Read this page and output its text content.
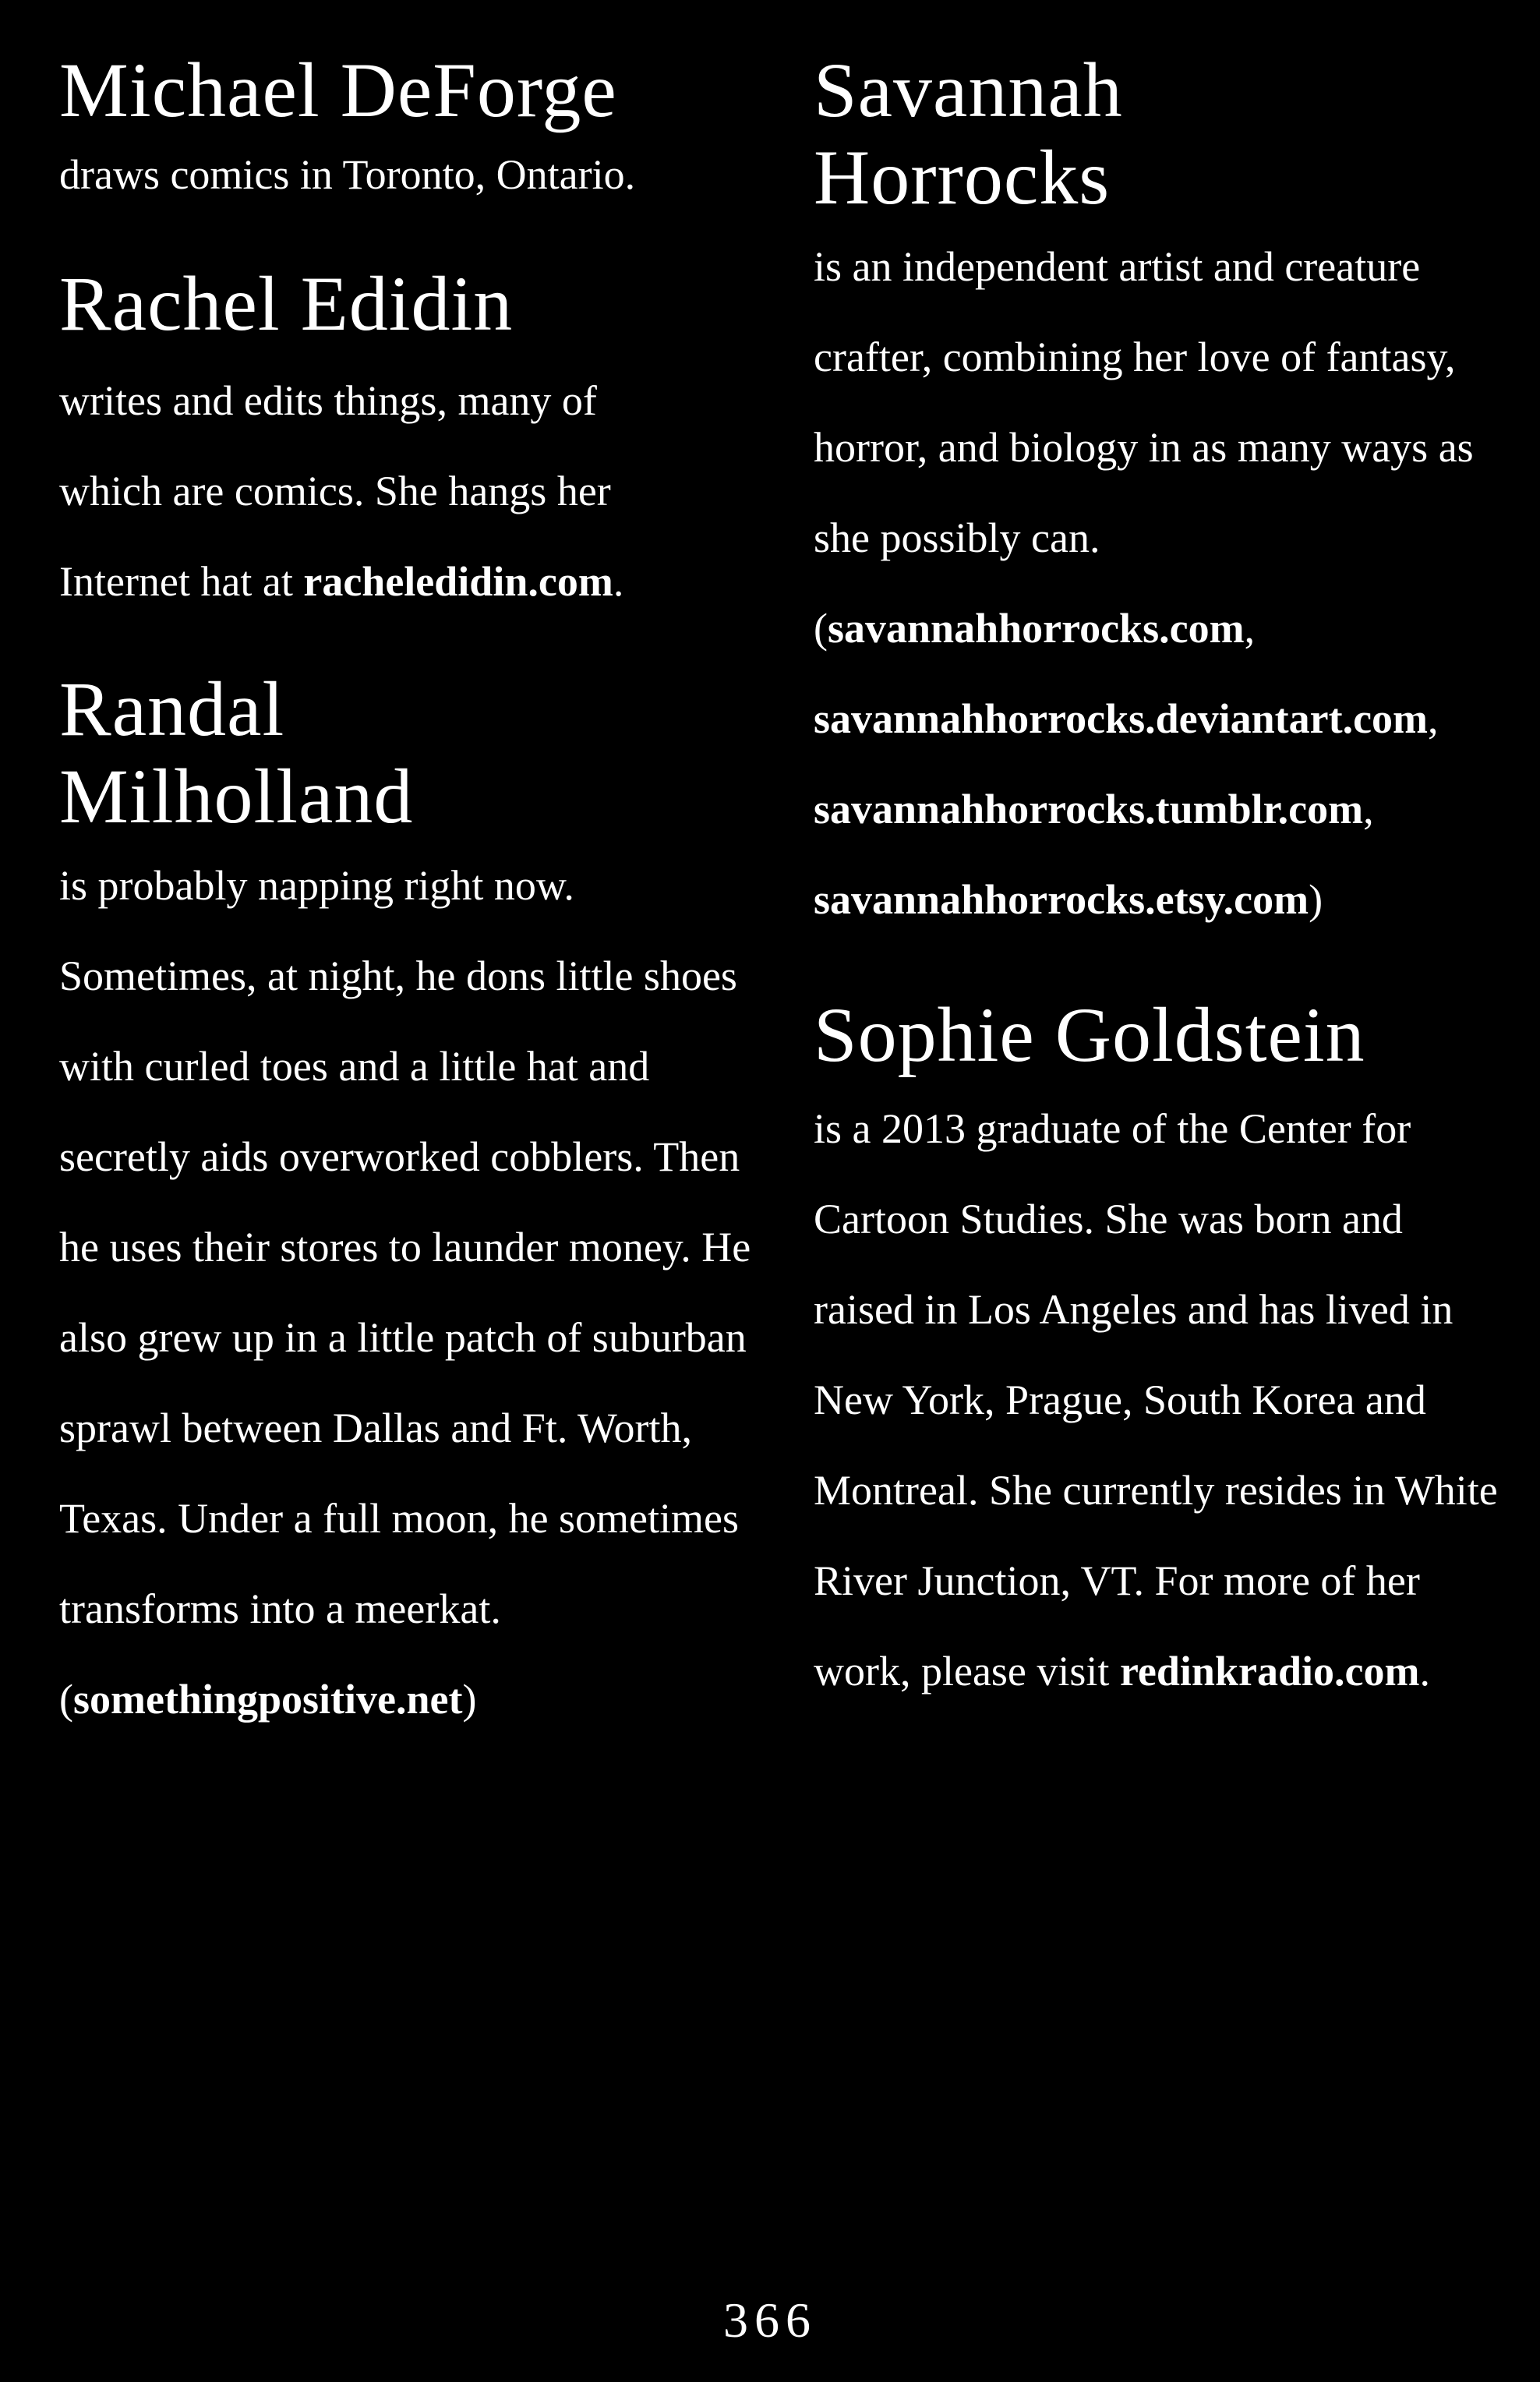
Michael DeForge

draws comics in Toronto, Ontario.

Rachel Edidin

writes and edits things, many of which are comics. She hangs her Internet hat at racheledidin.com.

Randal Milholland

is probably napping right now. Sometimes, at night, he dons little shoes with curled toes and a little hat and secretly aids overworked cobblers. Then he uses their stores to launder money. He also grew up in a little patch of suburban sprawl between Dallas and Ft. Worth, Texas. Under a full moon, he sometimes transforms into a meerkat. (somethingpositive.net)

Savannah Horrocks

is an independent artist and creature crafter, combining her love of fantasy, horror, and biology in as many ways as she possibly can. (savannahhorrocks.com,
savannahhorrocks.deviantart.com,
savannahhorrocks.tumblr.com,
savannahhorrocks.etsy.com)

Sophie Goldstein

is a 2013 graduate of the Center for Cartoon Studies. She was born and raised in Los Angeles and has lived in New York, Prague, South Korea and Montreal. She currently resides in White River Junction, VT. For more of her work, please visit redinkradio.com.

366
